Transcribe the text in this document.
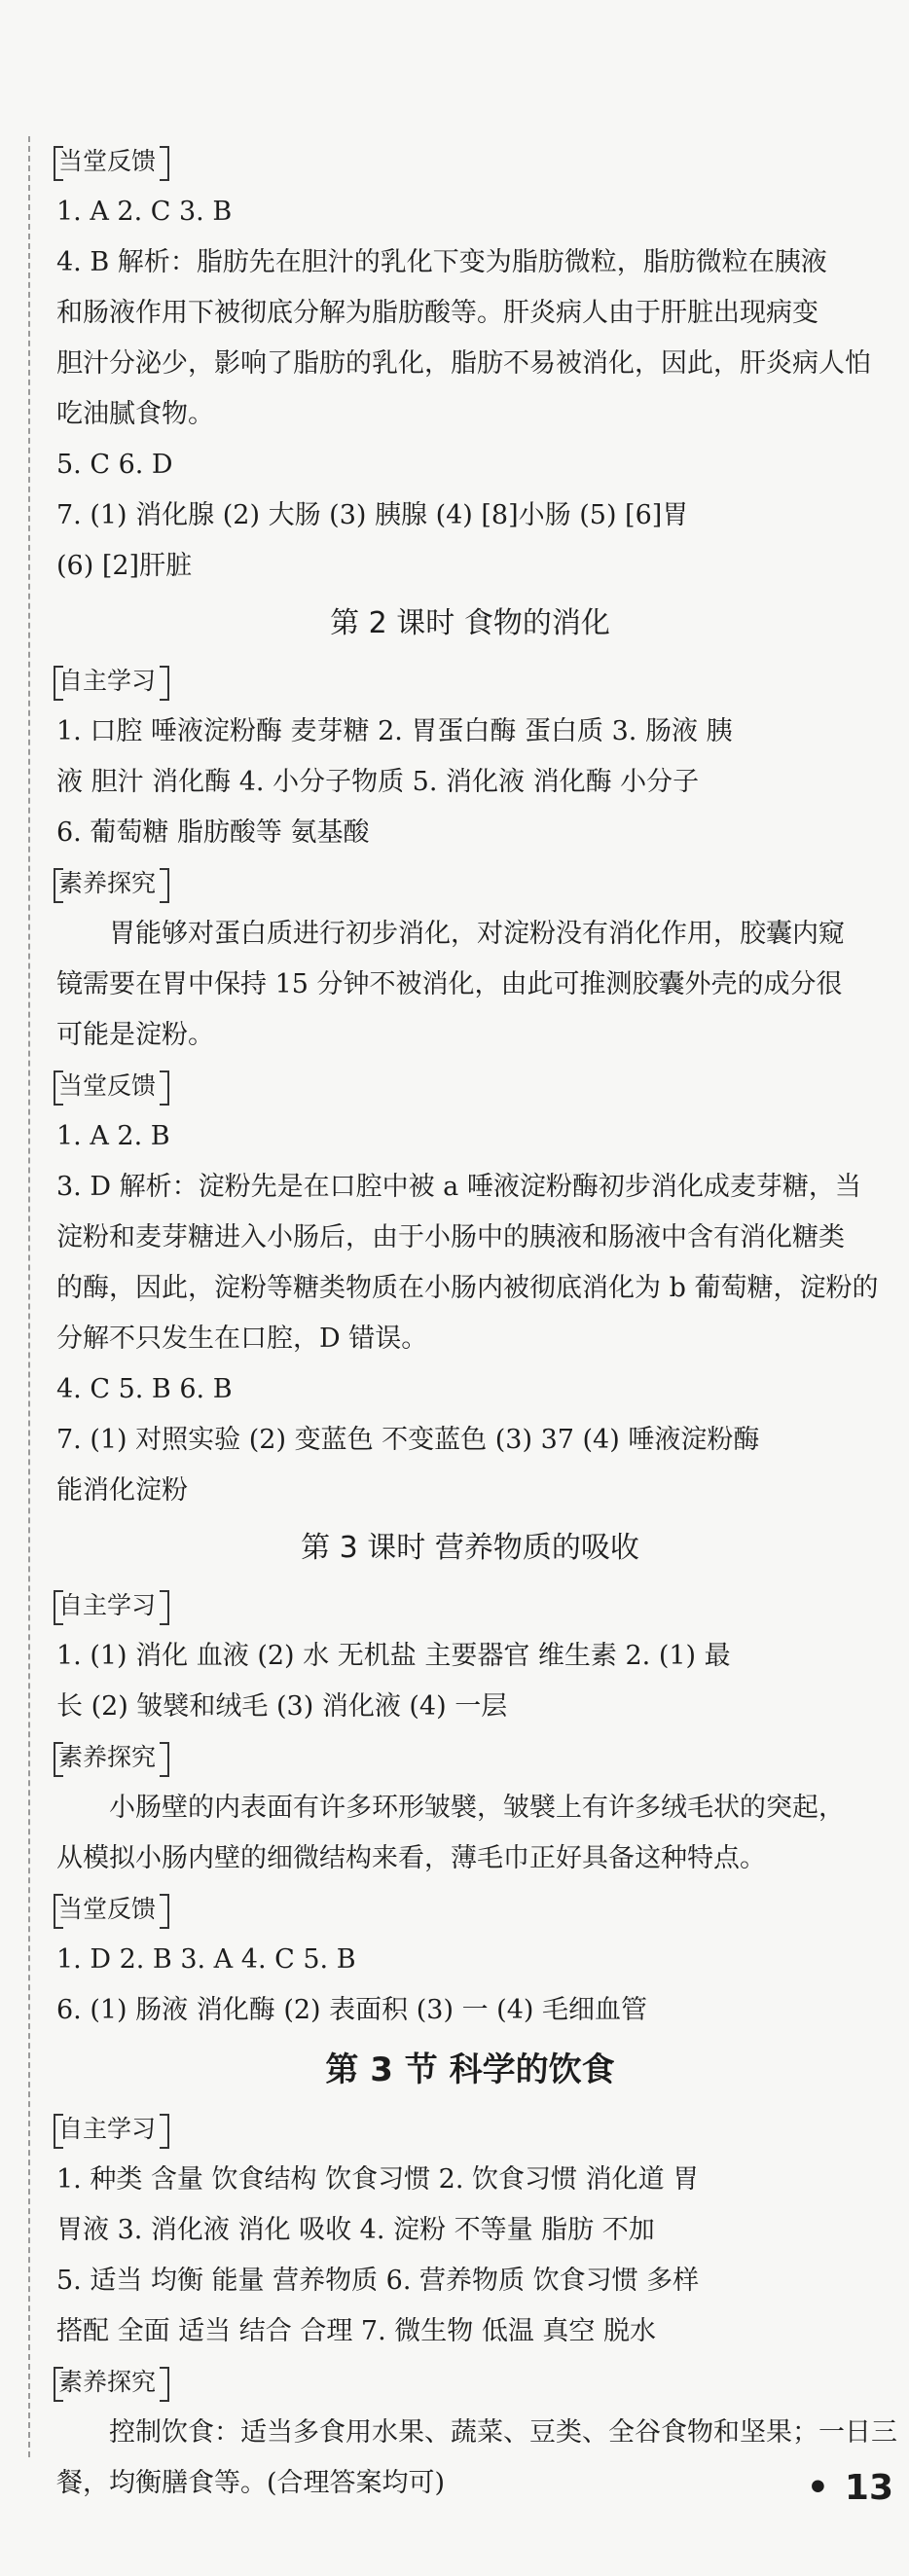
当堂反馈
1. A 2. C 3. B
4. B 解析：脂肪先在胆汁的乳化下变为脂肪微粒，脂肪微粒在胰液
和肠液作用下被彻底分解为脂肪酸等。肝炎病人由于肝脏出现病变
胆汁分泌少，影响了脂肪的乳化，脂肪不易被消化，因此，肝炎病人怕
吃油腻食物。
5. C 6. D
7. (1) 消化腺 (2) 大肠 (3) 胰腺 (4) [8]小肠 (5) [6]胃
(6) [2]肝脏
第 2 课时 食物的消化
自主学习
1. 口腔 唾液淀粉酶 麦芽糖 2. 胃蛋白酶 蛋白质 3. 肠液 胰
液 胆汁 消化酶 4. 小分子物质 5. 消化液 消化酶 小分子
6. 葡萄糖 脂肪酸等 氨基酸
素养探究
胃能够对蛋白质进行初步消化，对淀粉没有消化作用，胶囊内窥
镜需要在胃中保持 15 分钟不被消化，由此可推测胶囊外壳的成分很
可能是淀粉。
当堂反馈
1. A 2. B
3. D 解析：淀粉先是在口腔中被 a 唾液淀粉酶初步消化成麦芽糖，当
淀粉和麦芽糖进入小肠后，由于小肠中的胰液和肠液中含有消化糖类
的酶，因此，淀粉等糖类物质在小肠内被彻底消化为 b 葡萄糖，淀粉的
分解不只发生在口腔，D 错误。
4. C 5. B 6. B
7. (1) 对照实验 (2) 变蓝色 不变蓝色 (3) 37 (4) 唾液淀粉酶
能消化淀粉
第 3 课时 营养物质的吸收
自主学习
1. (1) 消化 血液 (2) 水 无机盐 主要器官 维生素 2. (1) 最
长 (2) 皱襞和绒毛 (3) 消化液 (4) 一层
素养探究
小肠壁的内表面有许多环形皱襞，皱襞上有许多绒毛状的突起，
从模拟小肠内壁的细微结构来看，薄毛巾正好具备这种特点。
当堂反馈
1. D 2. B 3. A 4. C 5. B
6. (1) 肠液 消化酶 (2) 表面积 (3) 一 (4) 毛细血管
第 3 节 科学的饮食
自主学习
1. 种类 含量 饮食结构 饮食习惯 2. 饮食习惯 消化道 胃
胃液 3. 消化液 消化 吸收 4. 淀粉 不等量 脂肪 不加
5. 适当 均衡 能量 营养物质 6. 营养物质 饮食习惯 多样
搭配 全面 适当 结合 合理 7. 微生物 低温 真空 脱水
素养探究
控制饮食：适当多食用水果、蔬菜、豆类、全谷食物和坚果；一日三
餐，均衡膳食等。(合理答案均可)	• 13
